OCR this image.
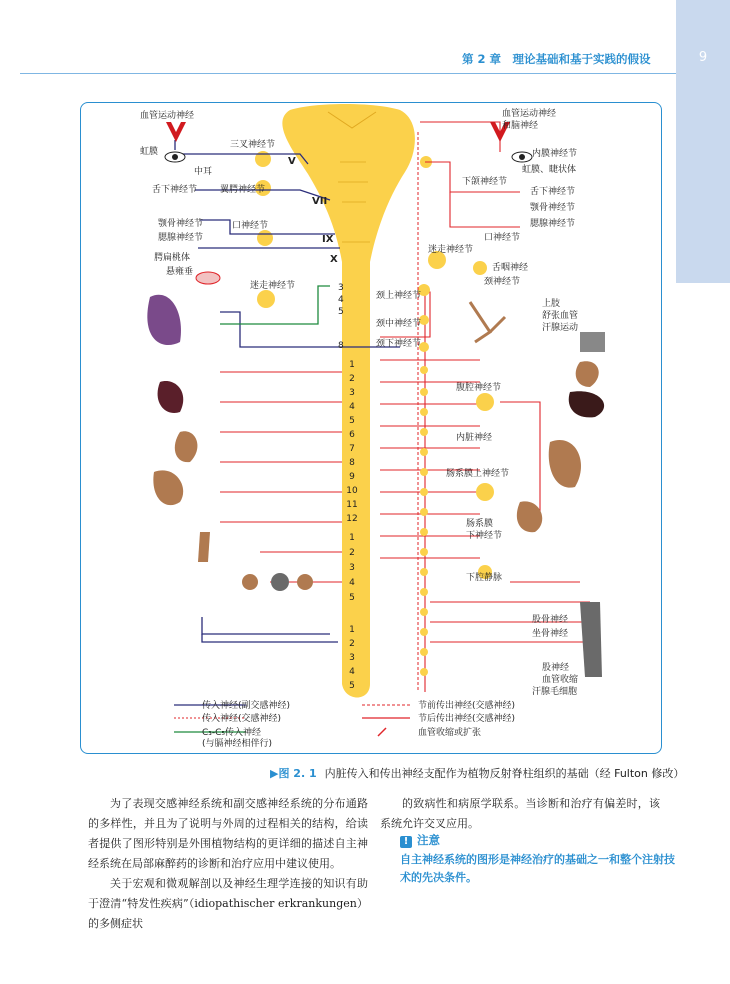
9
第 2 章　理论基础和基于实践的假设
V
VII
IX
X
3
4
5
8
1
2
3
4
5
6
7
8
9
10
11
12
1
2
3
4
5
1
2
3
4
5
血管运动神经
虹膜
三叉神经节
中耳
舌下神经节	翼腭神经节
颚骨神经节
腮腺神经节
口神经节
腭扁桃体
悬雍垂
迷走神经节
血管运动神经
和脑神经
内膜神经节
虹膜、睫状体
下颌神经节
舌下神经节
颚骨神经节
腮腺神经节
口神经节
迷走神经节
舌咽神经
颈神经节
颈上神经节
颈中神经节
颈下神经节
上肢
舒张血管
汗腺运动
腹腔神经节
内脏神经
肠系膜上神经节
肠系膜
下神经节
下腔静脉
股骨神经
坐骨神经
股神经
血管收缩
汗腺毛细胞
传入神经(副交感神经)
传入神经(交感神经)
C₃-C₅传入神经
(与膈神经相伴行)
节前传出神经(交感神经)
节后传出神经(交感神经)
血管收缩或扩张
▶图 2. 1 内脏传入和传出神经支配作为植物反射脊柱组织的基础（经 Fulton 修改）

为了表现交感神经系统和副交感神经系统的分布通路的多样性，并且为了说明与外周的过程相关的结构，给读者提供了图形特别是外围植物结构的更详细的描述自主神经系统在局部麻醉药的诊断和治疗应用中建议使用。

关于宏观和微观解剖以及神经生理学连接的知识有助于澄清“特发性疾病”（idiopathischer erkrankungen）的多侧症状

的致病性和病原学联系。当诊断和治疗有偏差时，该系统允许交叉应用。

! 注意
自主神经系统的图形是神经治疗的基础之一和整个注射技术的先决条件。
